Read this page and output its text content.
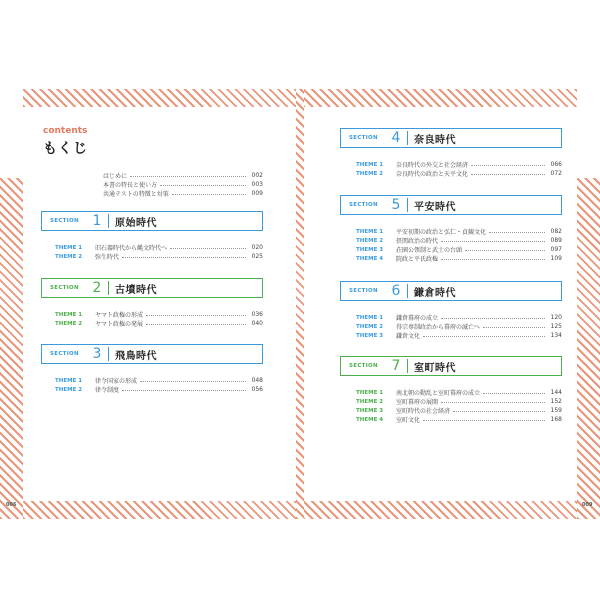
contents
もくじ
はじめに	002
本書の特長と使い方	003
共通テストの特徴と対策	009
SECTION 1 原始時代
THEME 1	旧石器時代から縄文時代へ	020
THEME 2	弥生時代	025
SECTION 2 古墳時代
THEME 1	ヤマト政権の形成	036
THEME 2	ヤマト政権の発展	040
SECTION 3 飛鳥時代
THEME 1	律令国家の形成	048
THEME 2	律令制度	056
SECTION 4 奈良時代
THEME 1	奈良時代の外交と社会経済	066
THEME 2	奈良時代の政治と天平文化	072
SECTION 5 平安時代
THEME 1	平安初期の政治と弘仁・貞観文化	082
THEME 2	摂関政治の時代	089
THEME 3	荘園公領制と武士の台頭	097
THEME 4	院政と平氏政権	109
SECTION 6 鎌倉時代
THEME 1	鎌倉幕府の成立	120
THEME 2	得宗専制政治から幕府の滅亡へ	125
THEME 3	鎌倉文化	134
SECTION 7 室町時代
THEME 1	南北朝の動乱と室町幕府の成立	144
THEME 2	室町幕府の展開	152
THEME 3	室町時代の社会経済	159
THEME 4	室町文化	168
006	009
